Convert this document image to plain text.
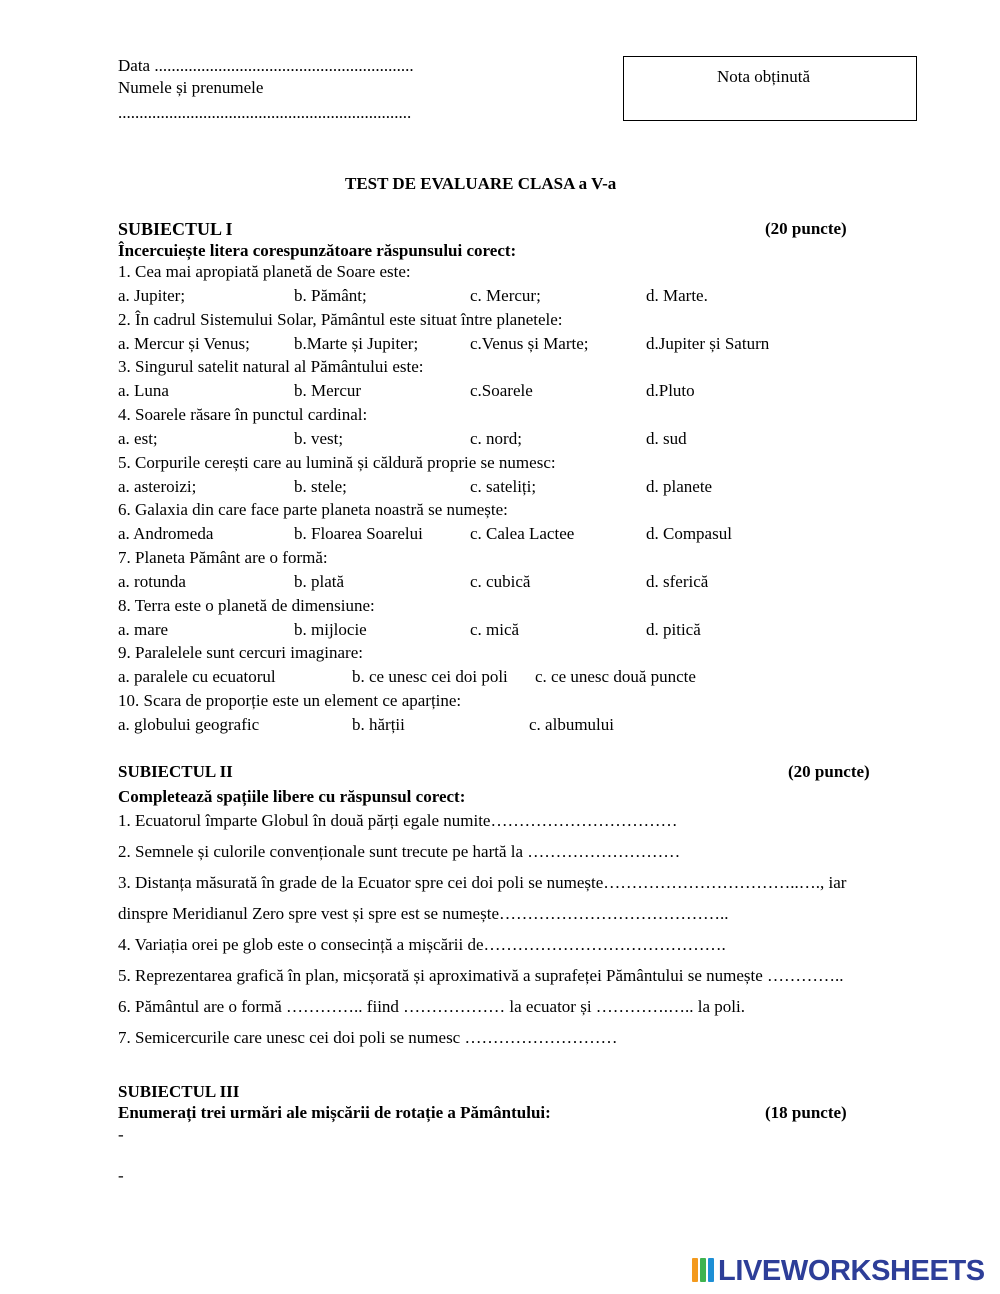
Data .............................................................
Numele și prenumele
.....................................................................
Nota obținută
TEST DE EVALUARE CLASA a V-a
SUBIECTUL I	(20 puncte)
Încercuiește litera corespunzătoare răspunsului corect:
1. Cea mai apropiată planetă de Soare este:
a. Jupiter;	b. Pământ;	c. Mercur;	d. Marte.
2. În cadrul Sistemului Solar, Pământul este situat între planetele:
a. Mercur și Venus;	b.Marte și Jupiter;	c.Venus și Marte;	d.Jupiter și Saturn
3. Singurul satelit natural al Pământului este:
a. Luna	b. Mercur	c.Soarele	d.Pluto
4. Soarele răsare în punctul cardinal:
a. est;	b. vest;	c. nord;	d. sud
5. Corpurile cerești care au lumină și căldură proprie se numesc:
a. asteroizi;	b. stele;	c. sateliți;	d. planete
6. Galaxia din care face parte planeta noastră se numește:
a. Andromeda	b. Floarea Soarelui	c. Calea Lactee	d. Compasul
7. Planeta Pământ are o formă:
a. rotunda	b. plată	c. cubică	d. sferică
8. Terra este o planetă de dimensiune:
a. mare	b. mijlocie	c. mică	d. pitică
9. Paralelele sunt cercuri imaginare:
a. paralele cu ecuatorul	b. ce unesc cei doi poli c. ce unesc două puncte
10. Scara de proporție este un element ce aparține:
a. globului geografic	b. hărții	c. albumului
SUBIECTUL II	(20 puncte)
Completează spațiile libere cu răspunsul corect:
1. Ecuatorul împarte Globul în două părți egale numite……………………………
2. Semnele și culorile convenționale sunt trecute pe hartă la ………………………
3. Distanța măsurată în grade de la Ecuator spre cei doi poli se numește……………………………..…., iar
dinspre Meridianul Zero spre vest și spre est se numește…………………………………..
4. Variația orei pe glob este o consecință a mișcării de…………………………………….
5. Reprezentarea grafică în plan, micșorată și aproximativă a suprafeței Pământului se numește …………..
6. Pământul are o formă ………….. fiind ……………… la ecuator și ………….….. la poli.
7. Semicercurile care unesc cei doi poli se numesc ………………………
SUBIECTUL III
Enumerați trei urmări ale mișcării de rotație a Pământului:	(18 puncte)
-
-
LIVEWORKSHEETS
